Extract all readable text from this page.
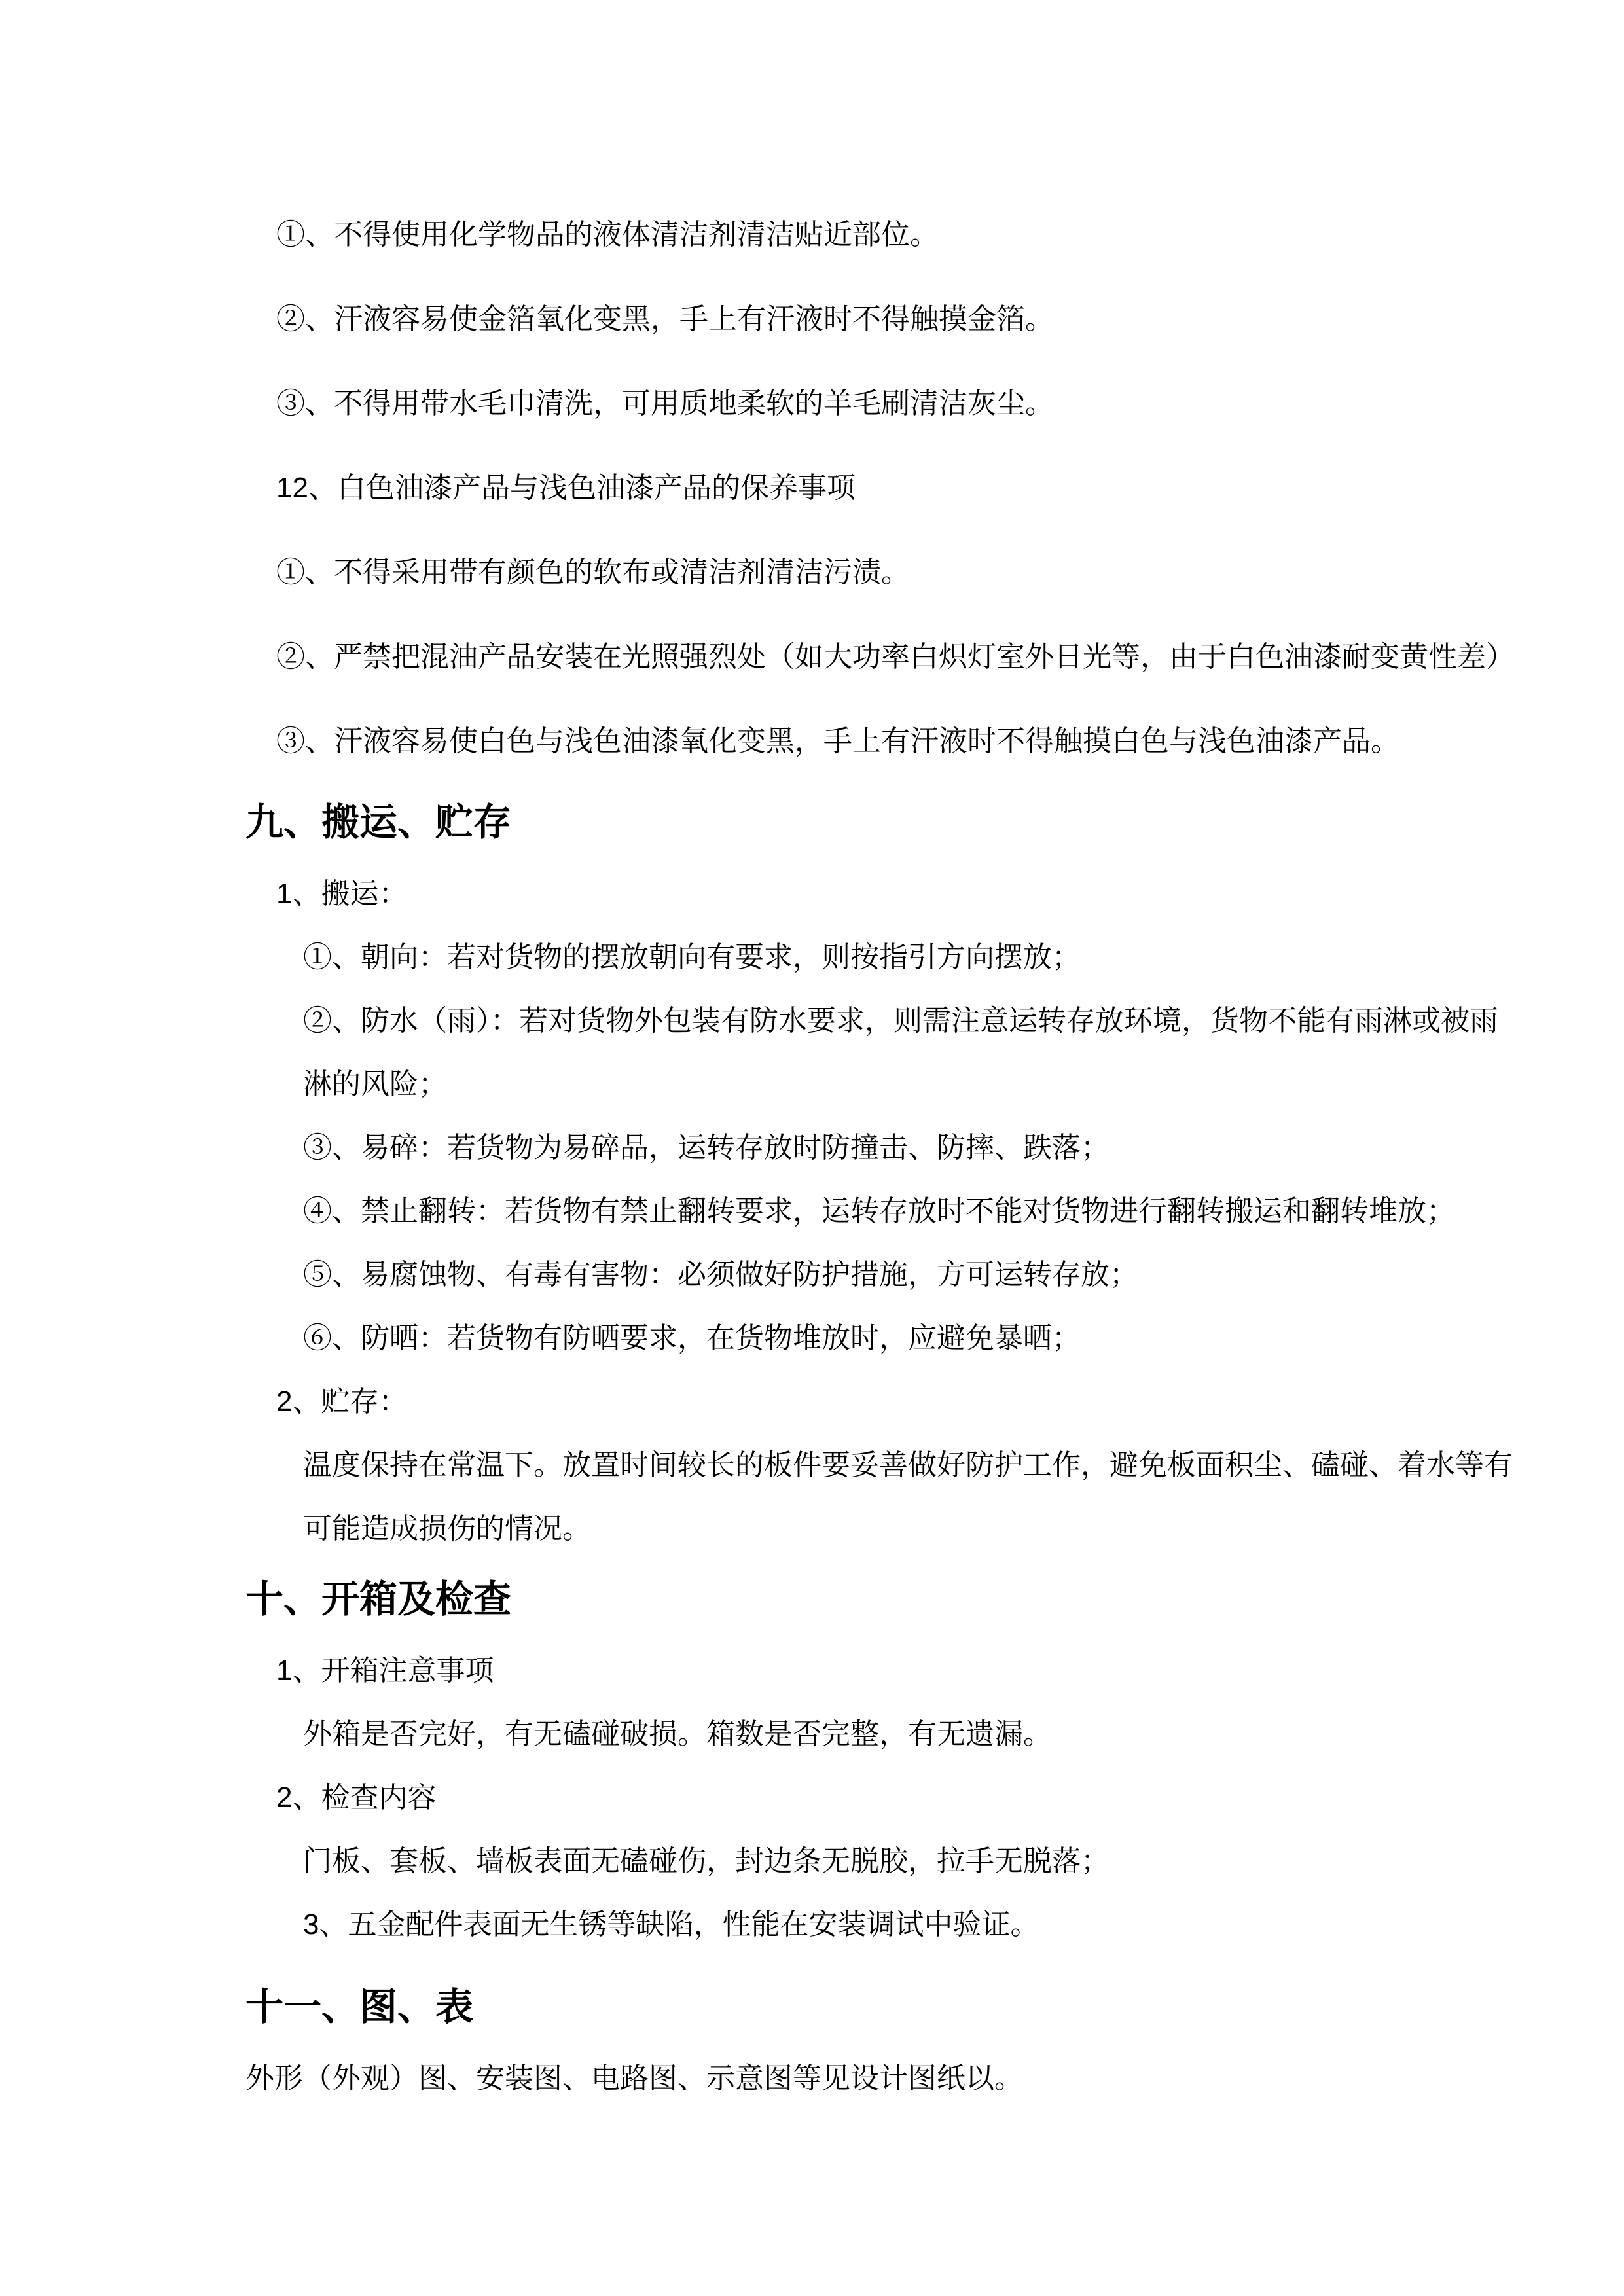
①、不得使用化学物品的液体清洁剂清洁贴近部位。
②、汗液容易使金箔氧化变黑，手上有汗液时不得触摸金箔。
③、不得用带水毛巾清洗，可用质地柔软的羊毛刷清洁灰尘。
12、白色油漆产品与浅色油漆产品的保养事项
①、不得采用带有颜色的软布或清洁剂清洁污渍。
②、严禁把混油产品安装在光照强烈处（如大功率白炽灯室外日光等，由于白色油漆耐变黄性差）
③、汗液容易使白色与浅色油漆氧化变黑，手上有汗液时不得触摸白色与浅色油漆产品。
九、搬运、贮存
1、搬运：
①、朝向：若对货物的摆放朝向有要求，则按指引方向摆放；
②、防水（雨）：若对货物外包装有防水要求，则需注意运转存放环境，货物不能有雨淋或被雨
淋的风险；
③、易碎：若货物为易碎品，运转存放时防撞击、防摔、跌落；
④、禁止翻转：若货物有禁止翻转要求，运转存放时不能对货物进行翻转搬运和翻转堆放；
⑤、易腐蚀物、有毒有害物：必须做好防护措施，方可运转存放；
⑥、防晒：若货物有防晒要求，在货物堆放时，应避免暴晒；
2、贮存：
温度保持在常温下。放置时间较长的板件要妥善做好防护工作，避免板面积尘、磕碰、着水等有
可能造成损伤的情况。
十、开箱及检查
1、开箱注意事项
外箱是否完好，有无磕碰破损。箱数是否完整，有无遗漏。
2、检查内容
门板、套板、墙板表面无磕碰伤，封边条无脱胶，拉手无脱落；
3、五金配件表面无生锈等缺陷，性能在安装调试中验证。
十一、图、表
外形（外观）图、安装图、电路图、示意图等见设计图纸以。
